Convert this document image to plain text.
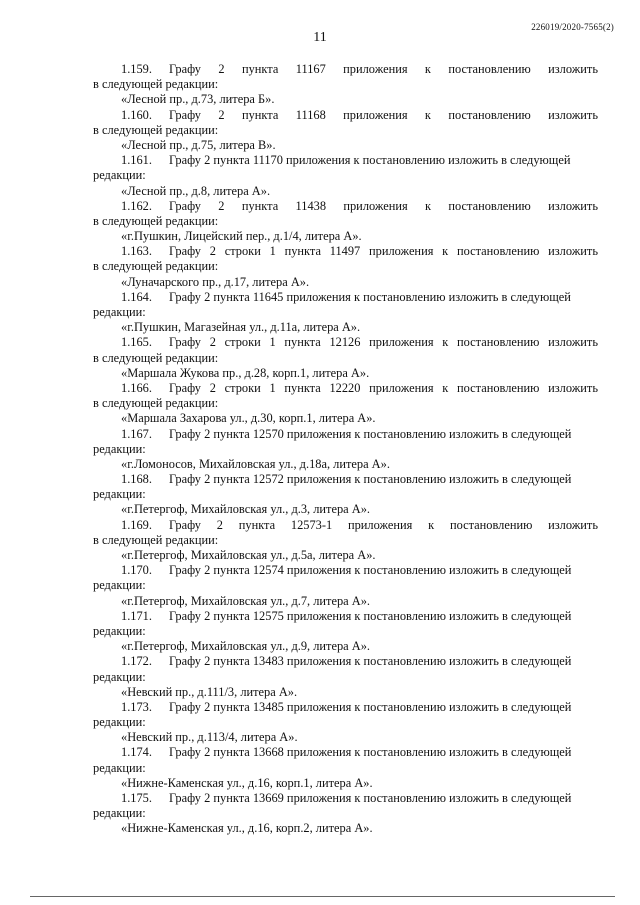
11
226019/2020-7565(2)
1.159.	Графу 2 пункта 11167 приложения к постановлению изложить
в следующей редакции:
«Лесной пр., д.73, литера Б».
1.160.	Графу 2 пункта 11168 приложения к постановлению изложить
в следующей редакции:
«Лесной пр., д.75, литера В».
1.161.	Графу 2 пункта 11170 приложения к постановлению изложить в следующей
редакции:
«Лесной пр., д.8, литера А».
1.162.	Графу 2 пункта 11438 приложения к постановлению изложить
в следующей редакции:
«г.Пушкин, Лицейский пер., д.1/4, литера А».
1.163.	Графу 2 строки 1 пункта 11497 приложения к постановлению изложить
в следующей редакции:
«Луначарского пр., д.17, литера А».
1.164.	Графу 2 пункта 11645 приложения к постановлению изложить в следующей
редакции:
«г.Пушкин, Магазейная ул., д.11а, литера А».
1.165.	Графу 2 строки 1 пункта 12126 приложения к постановлению изложить
в следующей редакции:
«Маршала Жукова пр., д.28, корп.1, литера А».
1.166.	Графу 2 строки 1 пункта 12220 приложения к постановлению изложить
в следующей редакции:
«Маршала Захарова ул., д.30, корп.1, литера А».
1.167.	Графу 2 пункта 12570 приложения к постановлению изложить в следующей
редакции:
«г.Ломоносов, Михайловская ул., д.18а, литера А».
1.168.	Графу 2 пункта 12572 приложения к постановлению изложить в следующей
редакции:
«г.Петергоф, Михайловская ул., д.3, литера А».
1.169.	Графу 2 пункта 12573-1 приложения к постановлению изложить
в следующей редакции:
«г.Петергоф, Михайловская ул., д.5а, литера А».
1.170.	Графу 2 пункта 12574 приложения к постановлению изложить в следующей
редакции:
«г.Петергоф, Михайловская ул., д.7, литера А».
1.171.	Графу 2 пункта 12575 приложения к постановлению изложить в следующей
редакции:
«г.Петергоф, Михайловская ул., д.9, литера А».
1.172.	Графу 2 пункта 13483 приложения к постановлению изложить в следующей
редакции:
«Невский пр., д.111/3, литера А».
1.173.	Графу 2 пункта 13485 приложения к постановлению изложить в следующей
редакции:
«Невский пр., д.113/4, литера А».
1.174.	Графу 2 пункта 13668 приложения к постановлению изложить в следующей
редакции:
«Нижне-Каменская ул., д.16, корп.1, литера А».
1.175.	Графу 2 пункта 13669 приложения к постановлению изложить в следующей
редакции:
«Нижне-Каменская ул., д.16, корп.2, литера А».
